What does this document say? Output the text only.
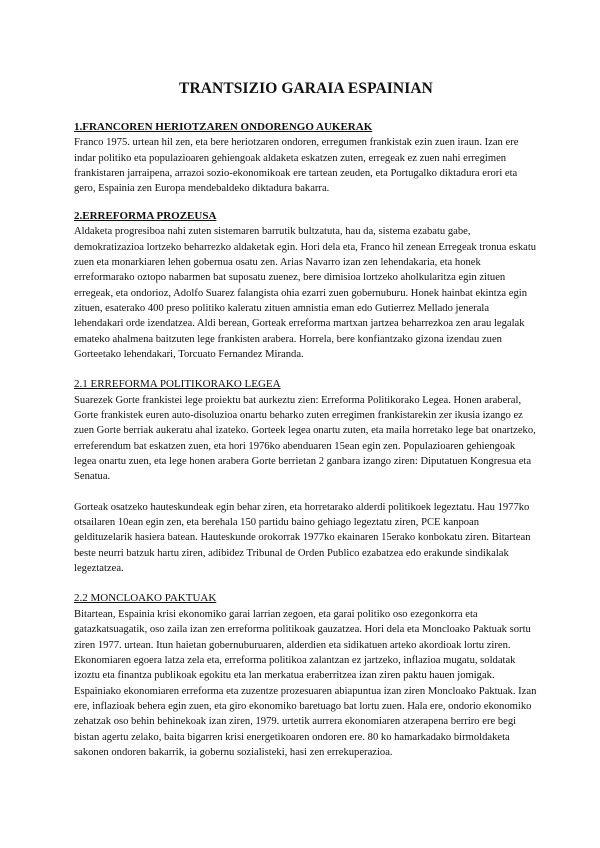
TRANTSIZIO GARAIA ESPAINIAN
1.FRANCOREN HERIOTZAREN ONDORENGO AUKERAK

Franco 1975. urtean hil zen, eta bere heriotzaren ondoren, erregumen frankistak ezin zuen iraun. Izan ere indar politiko eta populazioaren gehiengoak aldaketa eskatzen zuten, erregeak ez zuen nahi erregimen frankistaren jarraipena, arrazoi sozio-ekonomikoak ere tartean zeuden, eta Portugalko diktadura erori eta gero, Espainia zen Europa mendebaldeko diktadura bakarra.

2.ERREFORMA PROZEUSA

Aldaketa progresiboa nahi zuten sistemaren barrutik bultzatuta, hau da, sistema ezabatu gabe, demokratizazioa lortzeko beharrezko aldaketak egin. Hori dela eta, Franco hil zenean Erregeak tronua eskatu zuen eta monarkiaren lehen gobernua osatu zen. Arias Navarro izan zen lehendakaria, eta honek erreformarako oztopo nabarmen bat suposatu zuenez, bere dimisioa lortzeko aholkularitza egin zituen erregeak, eta ondorioz, Adolfo Suarez falangista ohia ezarri zuen gobernuburu. Honek hainbat ekintza egin zituen, esaterako 400 preso politiko kaleratu zituen amnistia eman edo Gutierrez Mellado jenerala lehendakari orde izendatzea. Aldi berean, Gorteak erreforma martxan jartzea beharrezkoa zen arau legalak emateko ahalmena baitzuten lege frankisten arabera. Horrela, bere konfiantzako gizona izendau zuen Gorteetako lehendakari, Torcuato Fernandez Miranda.

2.1 ERREFORMA POLITIKORAKO LEGEA

Suarezek Gorte frankistei lege proiektu bat aurkeztu zien: Erreforma Politikorako Legea. Honen araberal, Gorte frankistek euren auto-disoluzioa onartu beharko zuten erregimen frankistarekin zer ikusia izango ez zuen Gorte berriak aukeratu ahal izateko. Gorteek legea onartu zuten, eta maila horretako lege bat onartzeko, erreferendum bat eskatzen zuen, eta hori 1976ko abenduaren 15ean egin zen. Populazioaren gehiengoak legea onartu zuen, eta lege honen arabera Gorte berrietan 2 ganbara izango ziren: Diputatuen Kongresua eta Senatua.

Gorteak osatzeko hauteskundeak egin behar ziren, eta horretarako alderdi politikoek legeztatu. Hau 1977ko otsailaren 10ean egin zen, eta berehala 150 partidu baino gehiago legeztatu ziren, PCE kanpoan geldituzelarik hasiera batean. Hauteskunde orokorrak 1977ko ekainaren 15erako konbokatu ziren. Bitartean beste neurri batzuk hartu ziren, adibidez Tribunal de Orden Publico ezabatzea edo erakunde sindikalak legeztatzea.

2.2 MONCLOAKO PAKTUAK

Bitartean, Espainia krisi ekonomiko garai larrian zegoen, eta garai politiko oso ezegonkorra eta gatazkatsuagatik, oso zaila izan zen erreforma politikoak gauzatzea. Hori dela eta Moncloako Paktuak sortu ziren 1977. urtean. Itun haietan gobernuburuaren, alderdien eta sidikatuen arteko akordioak lortu ziren. Ekonomiaren egoera latza zela eta, erreforma politikoa zalantzan ez jartzeko, inflazioa mugatu, soldatak izoztu eta finantza publikoak egokitu eta lan merkatua eraberritzea izan ziren paktu hauen jomigak. Espainiako ekonomiaren erreforma eta zuzentze prozesuaren abiapuntua izan ziren Moncloako Paktuak. Izan ere, inflazioak behera egin zuen, eta giro ekonomiko baretuago bat lortu zuen. Hala ere, ondorio ekonomiko zehatzak oso behin behinekoak izan ziren, 1979. urtetik aurrera ekonomiaren atzerapena berriro ere begi bistan agertu zelako, baita bigarren krisi energetikoaren ondoren ere. 80 ko hamarkadako birmoldaketa sakonen ondoren bakarrik, ia gobernu sozialisteki, hasi zen errekuperazioa.
